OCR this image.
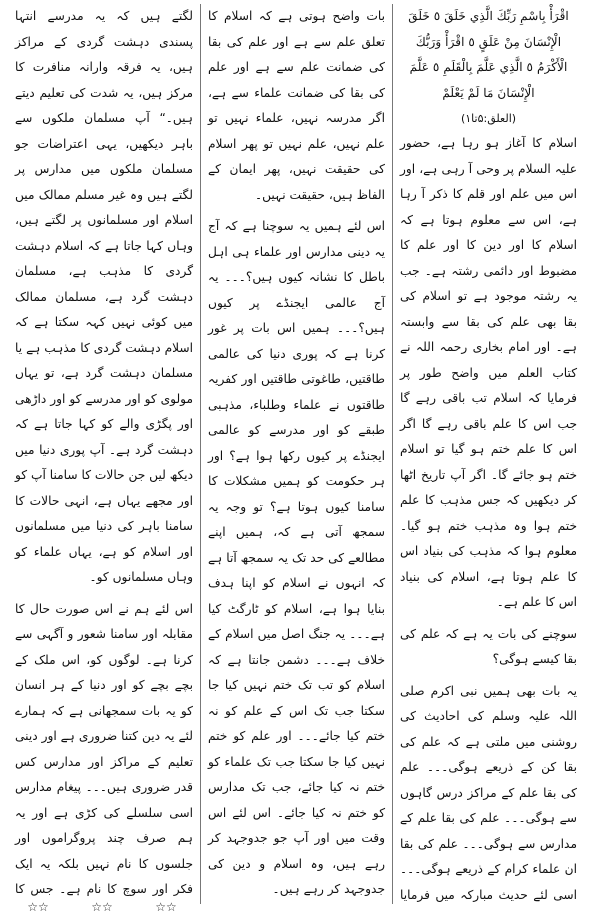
اقْرَأْ بِاسْمِ رَبِّكَ الَّذِي خَلَقَ ٥ خَلَقَ الْإِنْسَانَ مِنْ عَلَقٍ ٥ اقْرَأْ وَرَبُّكَ الْأَكْرَمُ ٥ الَّذِي عَلَّمَ بِالْقَلَمِ ٥ عَلَّمَ الْإِنْسَانَ مَا لَمْ يَعْلَمْ

(العلق:۵تا۱)

اسلام کا آغاز ہو رہا ہے، حضور علیہ السلام پر وحی آ رہی ہے، اور اس میں علم اور قلم کا ذکر آ رہا ہے، اس سے معلوم ہوتا ہے کہ اسلام کا اور دین کا اور علم کا مضبوط اور دائمی رشتہ ہے۔ جب یہ رشتہ موجود ہے تو اسلام کی بقا بھی علم کی بقا سے وابستہ ہے۔ اور امام بخاری رحمہ اللہ نے کتاب العلم میں واضح طور پر فرمایا کہ اسلام تب باقی رہے گا جب اس کا علم باقی رہے گا اگر اس کا علم ختم ہو گیا تو اسلام ختم ہو جائے گا۔ اگر آپ تاریخ اٹھا کر دیکھیں کہ جس مذہب کا علم ختم ہوا وہ مذہب ختم ہو گیا۔ معلوم ہوا کہ مذہب کی بنیاد اس کا علم ہوتا ہے، اسلام کی بنیاد اس کا علم ہے۔

سوچنے کی بات یہ ہے کہ علم کی بقا کیسے ہوگی؟

یہ بات بھی ہمیں نبی اکرم صلی اللہ علیہ وسلم کی احادیث کی روشنی میں ملتی ہے کہ علم کی بقا کن کے ذریعے ہوگی۔۔۔ علم کی بقا علم کے مراکز درس گاہوں سے ہوگی۔۔۔ علم کی بقا علم کے مدارس سے ہوگی۔۔۔ علم کی بقا ان علماء کرام کے ذریعے ہوگی۔۔۔ اسی لئے حدیث مبارکہ میں فرمایا

بات واضح ہوتی ہے کہ اسلام کا تعلق علم سے ہے اور علم کی بقا کی ضمانت علم سے ہے اور علم کی بقا کی ضمانت علماء سے ہے، اگر مدرسہ نہیں، علماء نہیں تو علم نہیں، علم نہیں تو پھر اسلام کی حقیقت نہیں، پھر ایمان کے الفاظ ہیں، حقیقت نہیں۔

اس لئے ہمیں یہ سوچنا ہے کہ آج یہ دینی مدارس اور علماء ہی اہل باطل کا نشانہ کیوں ہیں؟۔۔۔ یہ آج عالمی ایجنڈے پر کیوں ہیں؟۔۔۔ ہمیں اس بات پر غور کرنا ہے کہ پوری دنیا کی عالمی طاقتیں، طاغوتی طاقتیں اور کفریہ طاقتوں نے علماء وطلباء، مذہبی طبقے کو اور مدرسے کو عالمی ایجنڈے پر کیوں رکھا ہوا ہے؟ اور ہر حکومت کو ہمیں مشکلات کا سامنا کیوں ہوتا ہے؟ تو وجہ یہ سمجھ آتی ہے کہ، ہمیں اپنے مطالعے کی حد تک یہ سمجھ آتا ہے کہ انہوں نے اسلام کو اپنا ہدف بنایا ہوا ہے، اسلام کو ٹارگٹ کیا ہے۔۔۔ یہ جنگ اصل میں اسلام کے خلاف ہے۔۔۔ دشمن جانتا ہے کہ اسلام کو تب تک ختم نہیں کیا جا سکتا جب تک اس کے علم کو نہ ختم کیا جائے۔۔۔ اور علم کو ختم نہیں کیا جا سکتا جب تک علماء کو ختم نہ کیا جائے، جب تک مدارس کو ختم نہ کیا جائے۔ اس لئے اس وقت میں اور آپ جو جدوجہد کر رہے ہیں، وہ اسلام و دین کی جدوجہد کر رہے ہیں۔

لگتے ہیں کہ یہ مدرسے انتہا پسندی دہشت گردی کے مراکز ہیں، یہ فرقہ وارانہ منافرت کا مرکز ہیں، یہ شدت کی تعلیم دیتے ہیں۔“ آپ مسلمان ملکوں سے باہر دیکھیں، یہی اعتراضات جو مسلمان ملکوں میں مدارس پر لگتے ہیں وہ غیر مسلم ممالک میں اسلام اور مسلمانوں پر لگتے ہیں، وہاں کہا جاتا ہے کہ اسلام دہشت گردی کا مذہب ہے، مسلمان دہشت گرد ہے، مسلمان ممالک میں کوئی نہیں کہہ سکتا ہے کہ اسلام دہشت گردی کا مذہب ہے یا مسلمان دہشت گرد ہے، تو یہاں مولوی کو اور مدرسے کو اور داڑھی اور پگڑی والے کو کہا جاتا ہے کہ دہشت گرد ہے۔ آپ پوری دنیا میں دیکھ لیں جن حالات کا سامنا آپ کو اور مجھے یہاں ہے، انہی حالات کا سامنا باہر کی دنیا میں مسلمانوں اور اسلام کو ہے، یہاں علماء کو وہاں مسلمانوں کو۔

اس لئے ہم نے اس صورت حال کا مقابلہ اور سامنا شعور و آگہی سے کرنا ہے۔ لوگوں کو، اس ملک کے بچے بچے کو اور دنیا کے ہر انسان کو یہ بات سمجھانی ہے کہ ہمارے لئے یہ دین کتنا ضروری ہے اور دینی تعلیم کے مراکز اور مدارس کس قدر ضروری ہیں۔۔۔ پیغام مدارس اسی سلسلے کی کڑی ہے اور یہ ہم صرف چند پروگراموں اور جلسوں کا نام نہیں بلکہ یہ ایک فکر اور سوچ کا نام ہے۔ جس کا

☆☆	☆☆	☆☆
